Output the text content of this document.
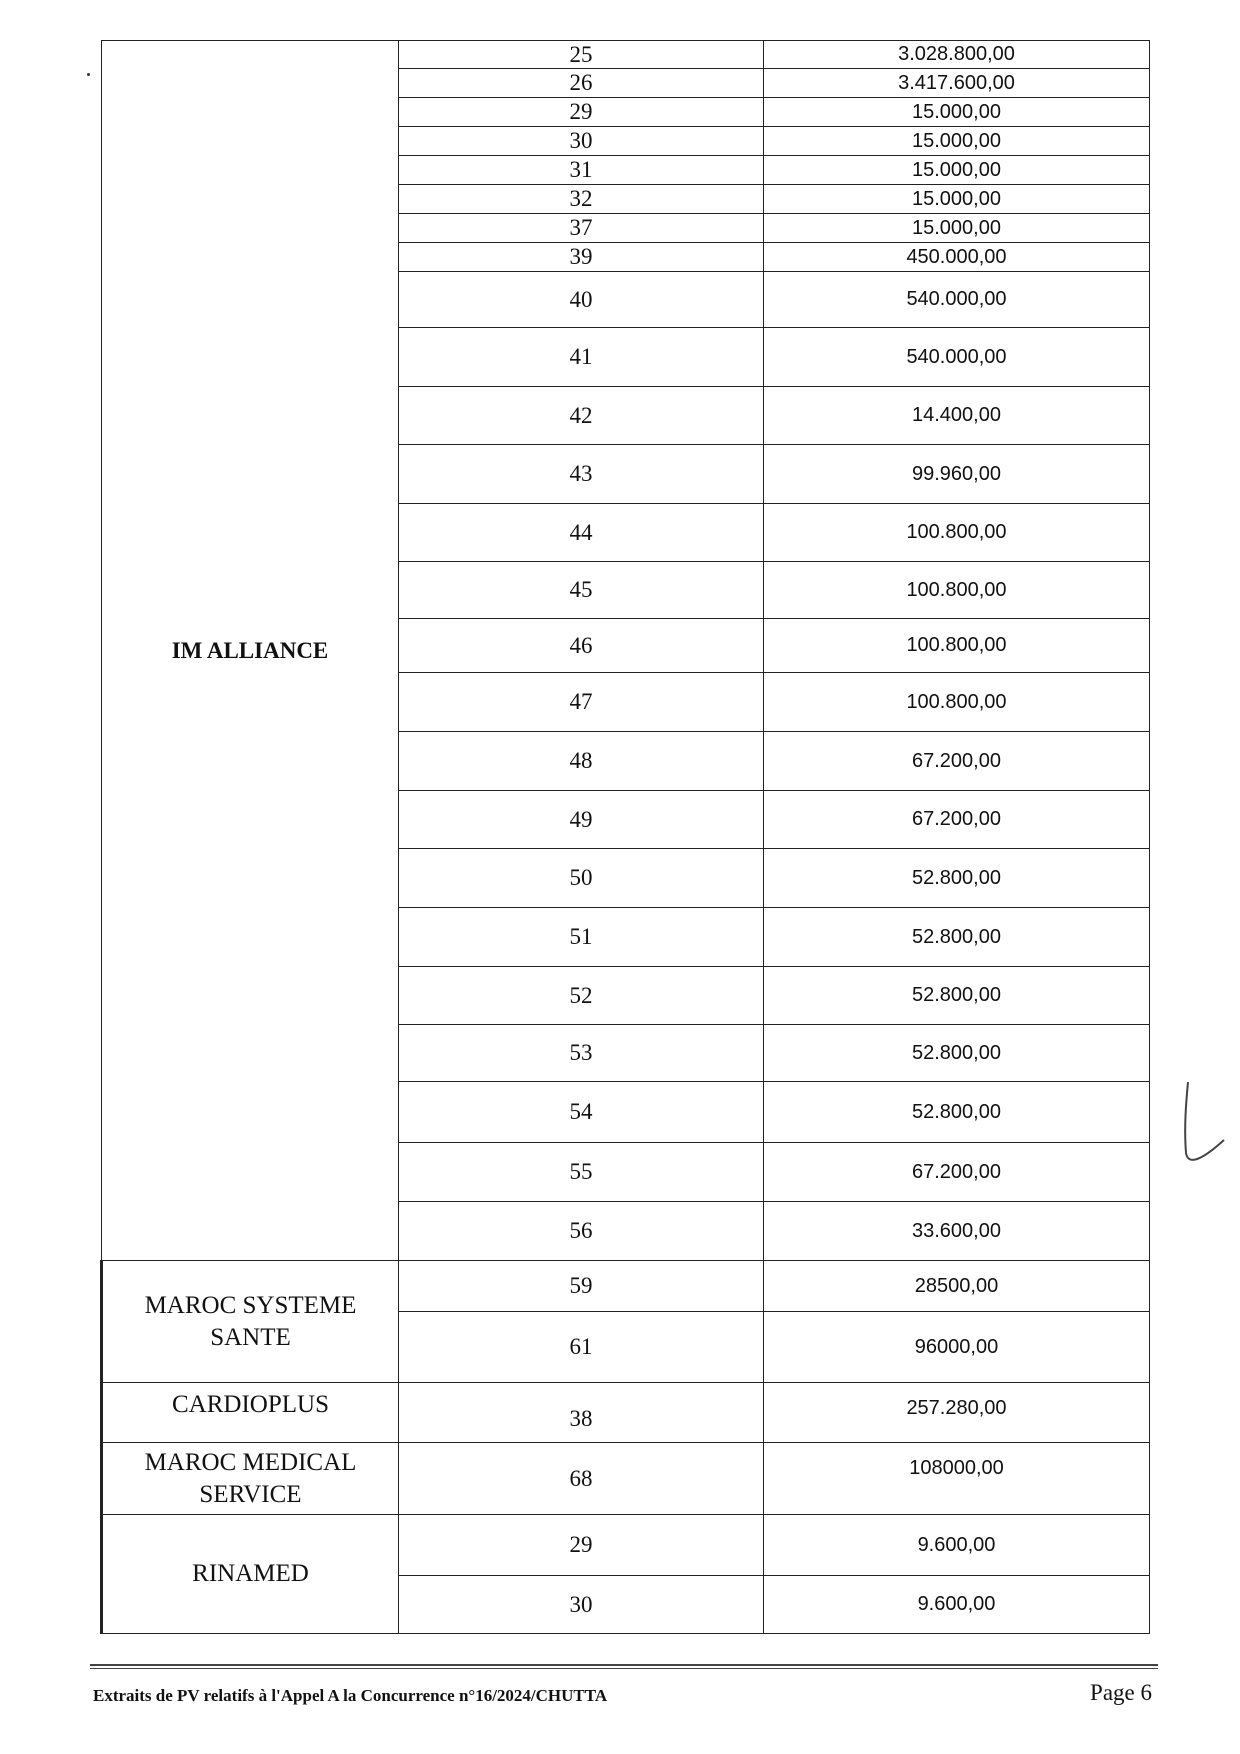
IM ALLIANCE	25	3.028.800,00
	26	3.417.600,00
	29	15.000,00
	30	15.000,00
	31	15.000,00
	32	15.000,00
	37	15.000,00
	39	450.000,00
	40	540.000,00
	41	540.000,00
	42	14.400,00
	43	99.960,00
	44	100.800,00
	45	100.800,00
	46	100.800,00
	47	100.800,00
	48	67.200,00
	49	67.200,00
	50	52.800,00
	51	52.800,00
	52	52.800,00
	53	52.800,00
	54	52.800,00
	55	67.200,00
	56	33.600,00
MAROC SYSTEME
SANTE	59	28500,00
	61	96000,00
CARDIOPLUS	38	257.280,00
MAROC MEDICAL
SERVICE	68	108000,00
RINAMED	29	9.600,00
	30	9.600,00
Extraits de PV relatifs à l'Appel A la Concurrence n°16/2024/CHUTTA	Page 6
